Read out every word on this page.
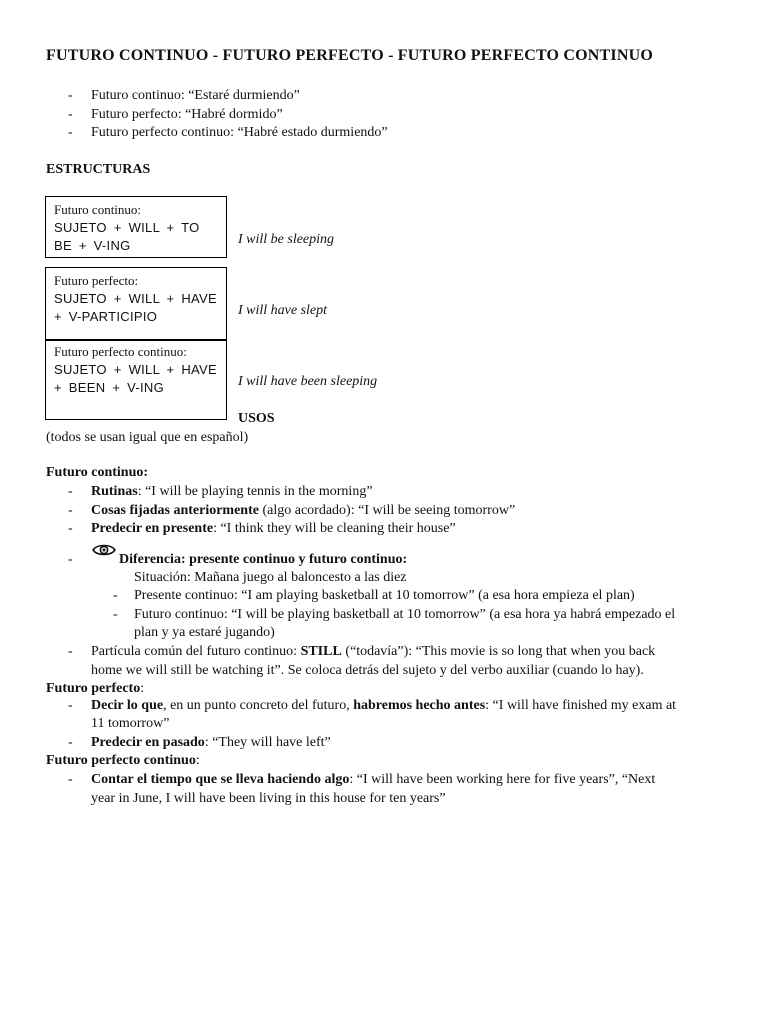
FUTURO CONTINUO - FUTURO PERFECTO - FUTURO PERFECTO CONTINUO
- Futuro continuo: “Estaré durmiendo”
- Futuro perfecto: “Habré dormido”
- Futuro perfecto continuo: “Habré estado durmiendo”
ESTRUCTURAS
Futuro continuo:
SUJETO + WILL + TO BE + V-ING	I will be sleeping
Futuro perfecto:
SUJETO + WILL + HAVE + V-PARTICIPIO	I will have slept
Futuro perfecto continuo:
SUJETO + WILL + HAVE + BEEN + V-ING	I will have been sleeping
USOS
(todos se usan igual que en español)
Futuro continuo:
- Rutinas: “I will be playing tennis in the morning”
- Cosas fijadas anteriormente (algo acordado): “I will be seeing tomorrow”
- Predecir en presente: “I think they will be cleaning their house”
-	Diferencia: presente continuo y futuro continuo:
Situación: Mañana juego al baloncesto a las diez
- Presente continuo: “I am playing basketball at 10 tomorrow” (a esa hora empieza el plan)
- Futuro continuo: “I will be playing basketball at 10 tomorrow” (a esa hora ya habrá empezado el
plan y ya estaré jugando)
- Partícula común del futuro continuo: STILL (“todavía”): “This movie is so long that when you back
home we will still be watching it”. Se coloca detrás del sujeto y del verbo auxiliar (cuando lo hay).
Futuro perfecto:
- Decir lo que, en un punto concreto del futuro, habremos hecho antes: “I will have finished my exam at
11 tomorrow”
- Predecir en pasado: “They will have left”
Futuro perfecto continuo:
- Contar el tiempo que se lleva haciendo algo: “I will have been working here for five years”, “Next
year in June, I will have been living in this house for ten years”
